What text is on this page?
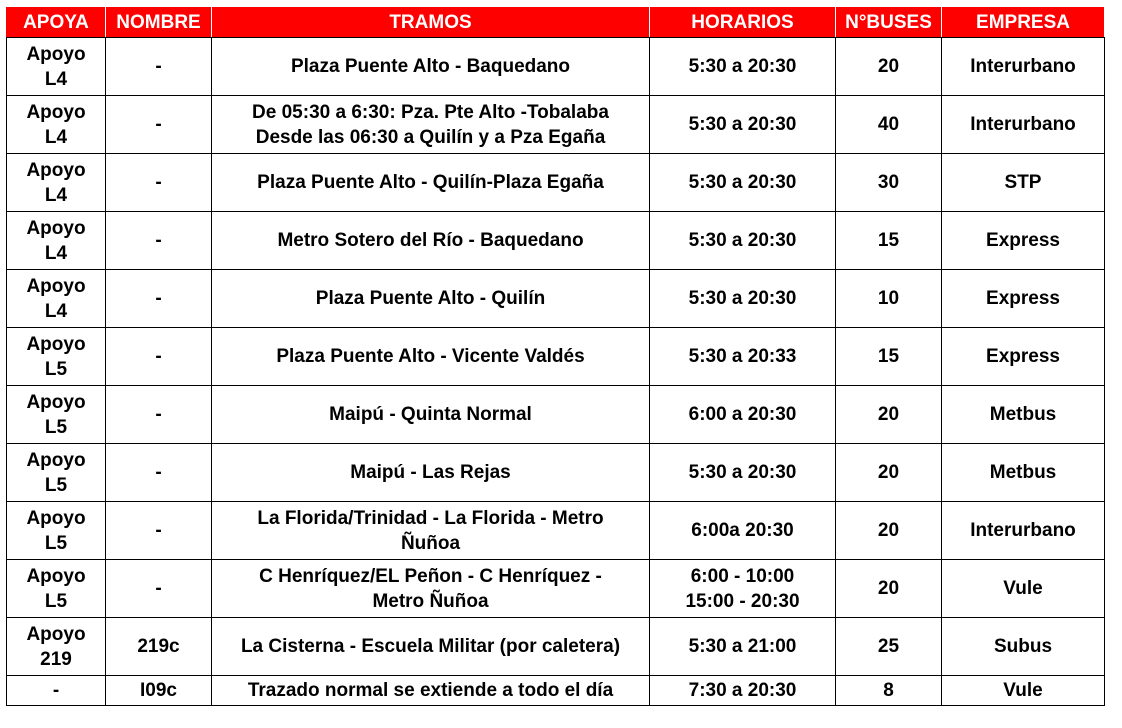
APOYA	NOMBRE	TRAMOS	HORARIOS	N°BUSES	EMPRESA

Apoyo
L4	-	Plaza Puente Alto - Baquedano	5:30 a 20:30	20	Interurbano

Apoyo
L4	-	De 05:30 a 6:30: Pza. Pte Alto -Tobalaba
Desde las 06:30 a Quilín y a Pza Egaña	5:30 a 20:30	40	Interurbano

Apoyo
L4	-	Plaza Puente Alto - Quilín-Plaza Egaña	5:30 a 20:30	30	STP

Apoyo
L4	-	Metro Sotero del Río - Baquedano	5:30 a 20:30	15	Express

Apoyo
L4	-	Plaza Puente Alto - Quilín	5:30 a 20:30	10	Express

Apoyo
L5	-	Plaza Puente Alto - Vicente Valdés	5:30 a 20:33	15	Express

Apoyo
L5	-	Maipú - Quinta Normal	6:00 a 20:30	20	Metbus

Apoyo
L5	-	Maipú - Las Rejas	5:30 a 20:30	20	Metbus

Apoyo
L5	-	La Florida/Trinidad - La Florida - Metro
Ñuñoa	6:00a 20:30	20	Interurbano

Apoyo
L5	-	C Henríquez/EL Peñon - C Henríquez -
Metro Ñuñoa	6:00 - 10:00
15:00 - 20:30	20	Vule

Apoyo
219	219c	La Cisterna - Escuela Militar (por caletera)	5:30 a 21:00	25	Subus

-	I09c	Trazado normal se extiende a todo el día	7:30 a 20:30	8	Vule
